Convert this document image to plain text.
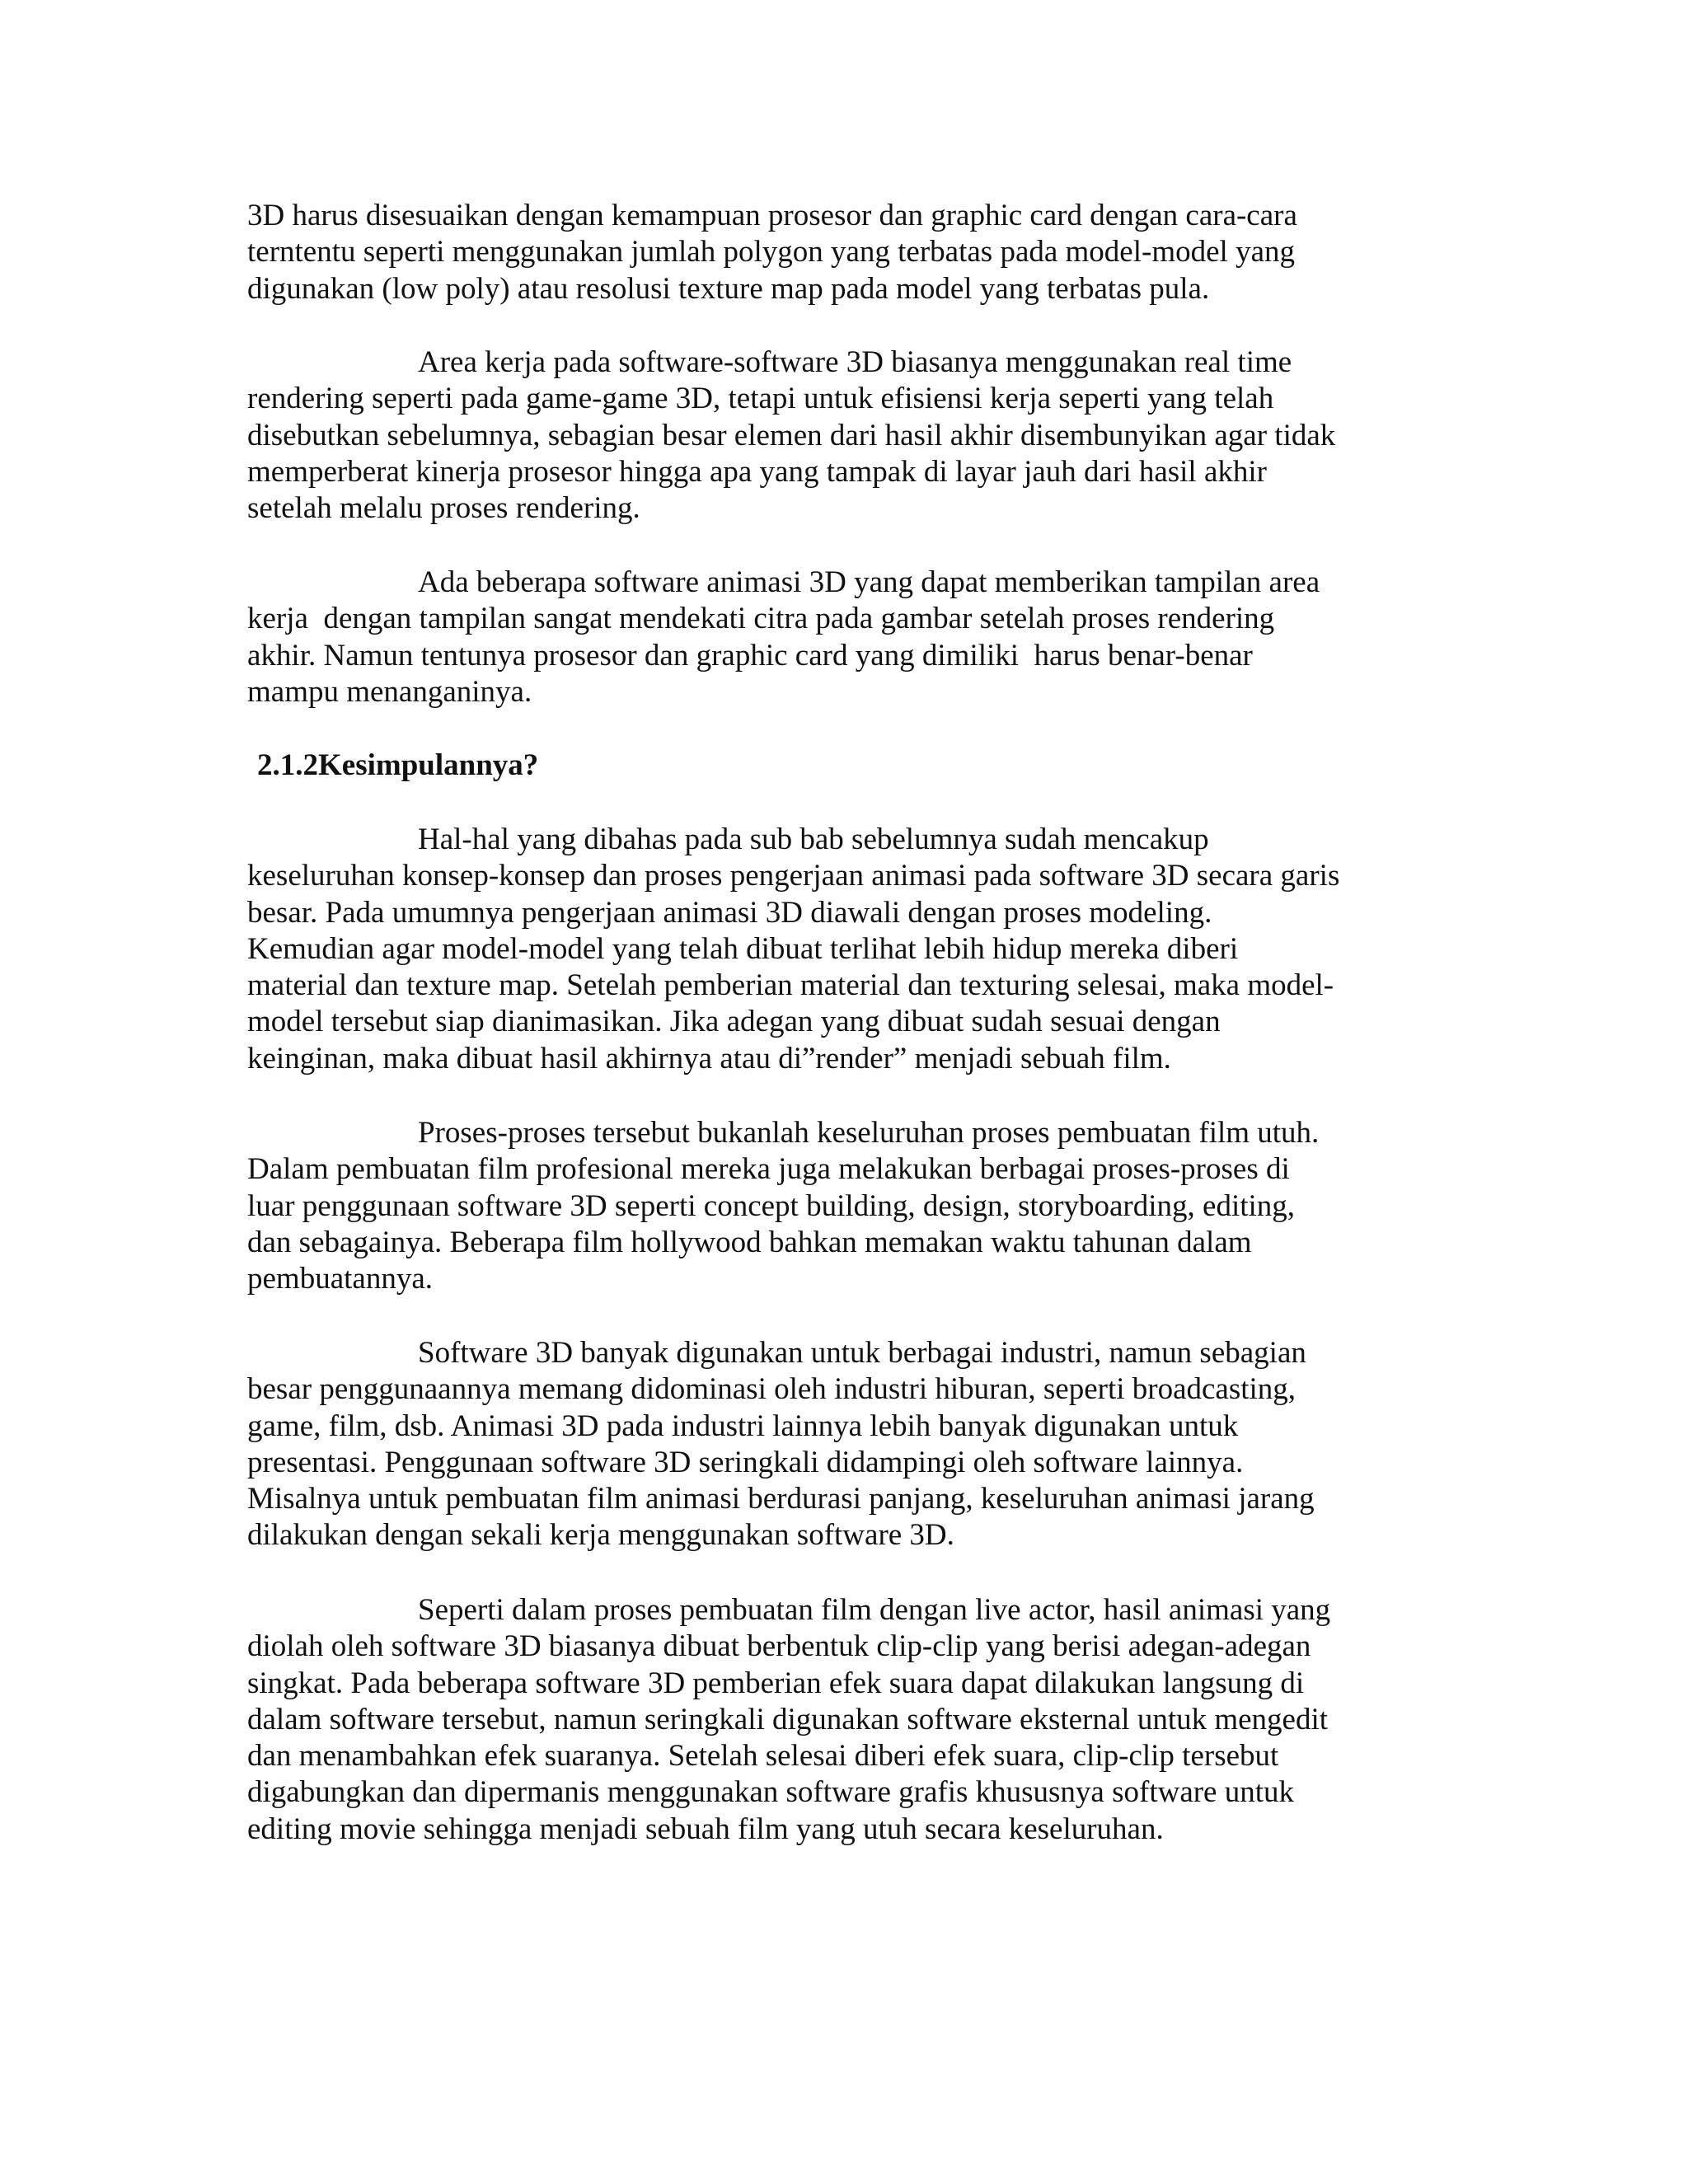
3D harus disesuaikan dengan kemampuan prosesor dan graphic card dengan cara-cara
terntentu seperti menggunakan jumlah polygon yang terbatas pada model-model yang
digunakan (low poly) atau resolusi texture map pada model yang terbatas pula.
Area kerja pada software-software 3D biasanya menggunakan real time
rendering seperti pada game-game 3D, tetapi untuk efisiensi kerja seperti yang telah
disebutkan sebelumnya, sebagian besar elemen dari hasil akhir disembunyikan agar tidak
memperberat kinerja prosesor hingga apa yang tampak di layar jauh dari hasil akhir
setelah melalu proses rendering.
Ada beberapa software animasi 3D yang dapat memberikan tampilan area
kerja  dengan tampilan sangat mendekati citra pada gambar setelah proses rendering
akhir. Namun tentunya prosesor dan graphic card yang dimiliki  harus benar-benar
mampu menanganinya.
2.1.2Kesimpulannya?
Hal-hal yang dibahas pada sub bab sebelumnya sudah mencakup
keseluruhan konsep-konsep dan proses pengerjaan animasi pada software 3D secara garis
besar. Pada umumnya pengerjaan animasi 3D diawali dengan proses modeling.
Kemudian agar model-model yang telah dibuat terlihat lebih hidup mereka diberi
material dan texture map. Setelah pemberian material dan texturing selesai, maka model-
model tersebut siap dianimasikan. Jika adegan yang dibuat sudah sesuai dengan
keinginan, maka dibuat hasil akhirnya atau di”render” menjadi sebuah film.
Proses-proses tersebut bukanlah keseluruhan proses pembuatan film utuh.
Dalam pembuatan film profesional mereka juga melakukan berbagai proses-proses di
luar penggunaan software 3D seperti concept building, design, storyboarding, editing,
dan sebagainya. Beberapa film hollywood bahkan memakan waktu tahunan dalam
pembuatannya.
Software 3D banyak digunakan untuk berbagai industri, namun sebagian
besar penggunaannya memang didominasi oleh industri hiburan, seperti broadcasting,
game, film, dsb. Animasi 3D pada industri lainnya lebih banyak digunakan untuk
presentasi. Penggunaan software 3D seringkali didampingi oleh software lainnya.
Misalnya untuk pembuatan film animasi berdurasi panjang, keseluruhan animasi jarang
dilakukan dengan sekali kerja menggunakan software 3D.
Seperti dalam proses pembuatan film dengan live actor, hasil animasi yang
diolah oleh software 3D biasanya dibuat berbentuk clip-clip yang berisi adegan-adegan
singkat. Pada beberapa software 3D pemberian efek suara dapat dilakukan langsung di
dalam software tersebut, namun seringkali digunakan software eksternal untuk mengedit
dan menambahkan efek suaranya. Setelah selesai diberi efek suara, clip-clip tersebut
digabungkan dan dipermanis menggunakan software grafis khususnya software untuk
editing movie sehingga menjadi sebuah film yang utuh secara keseluruhan.
